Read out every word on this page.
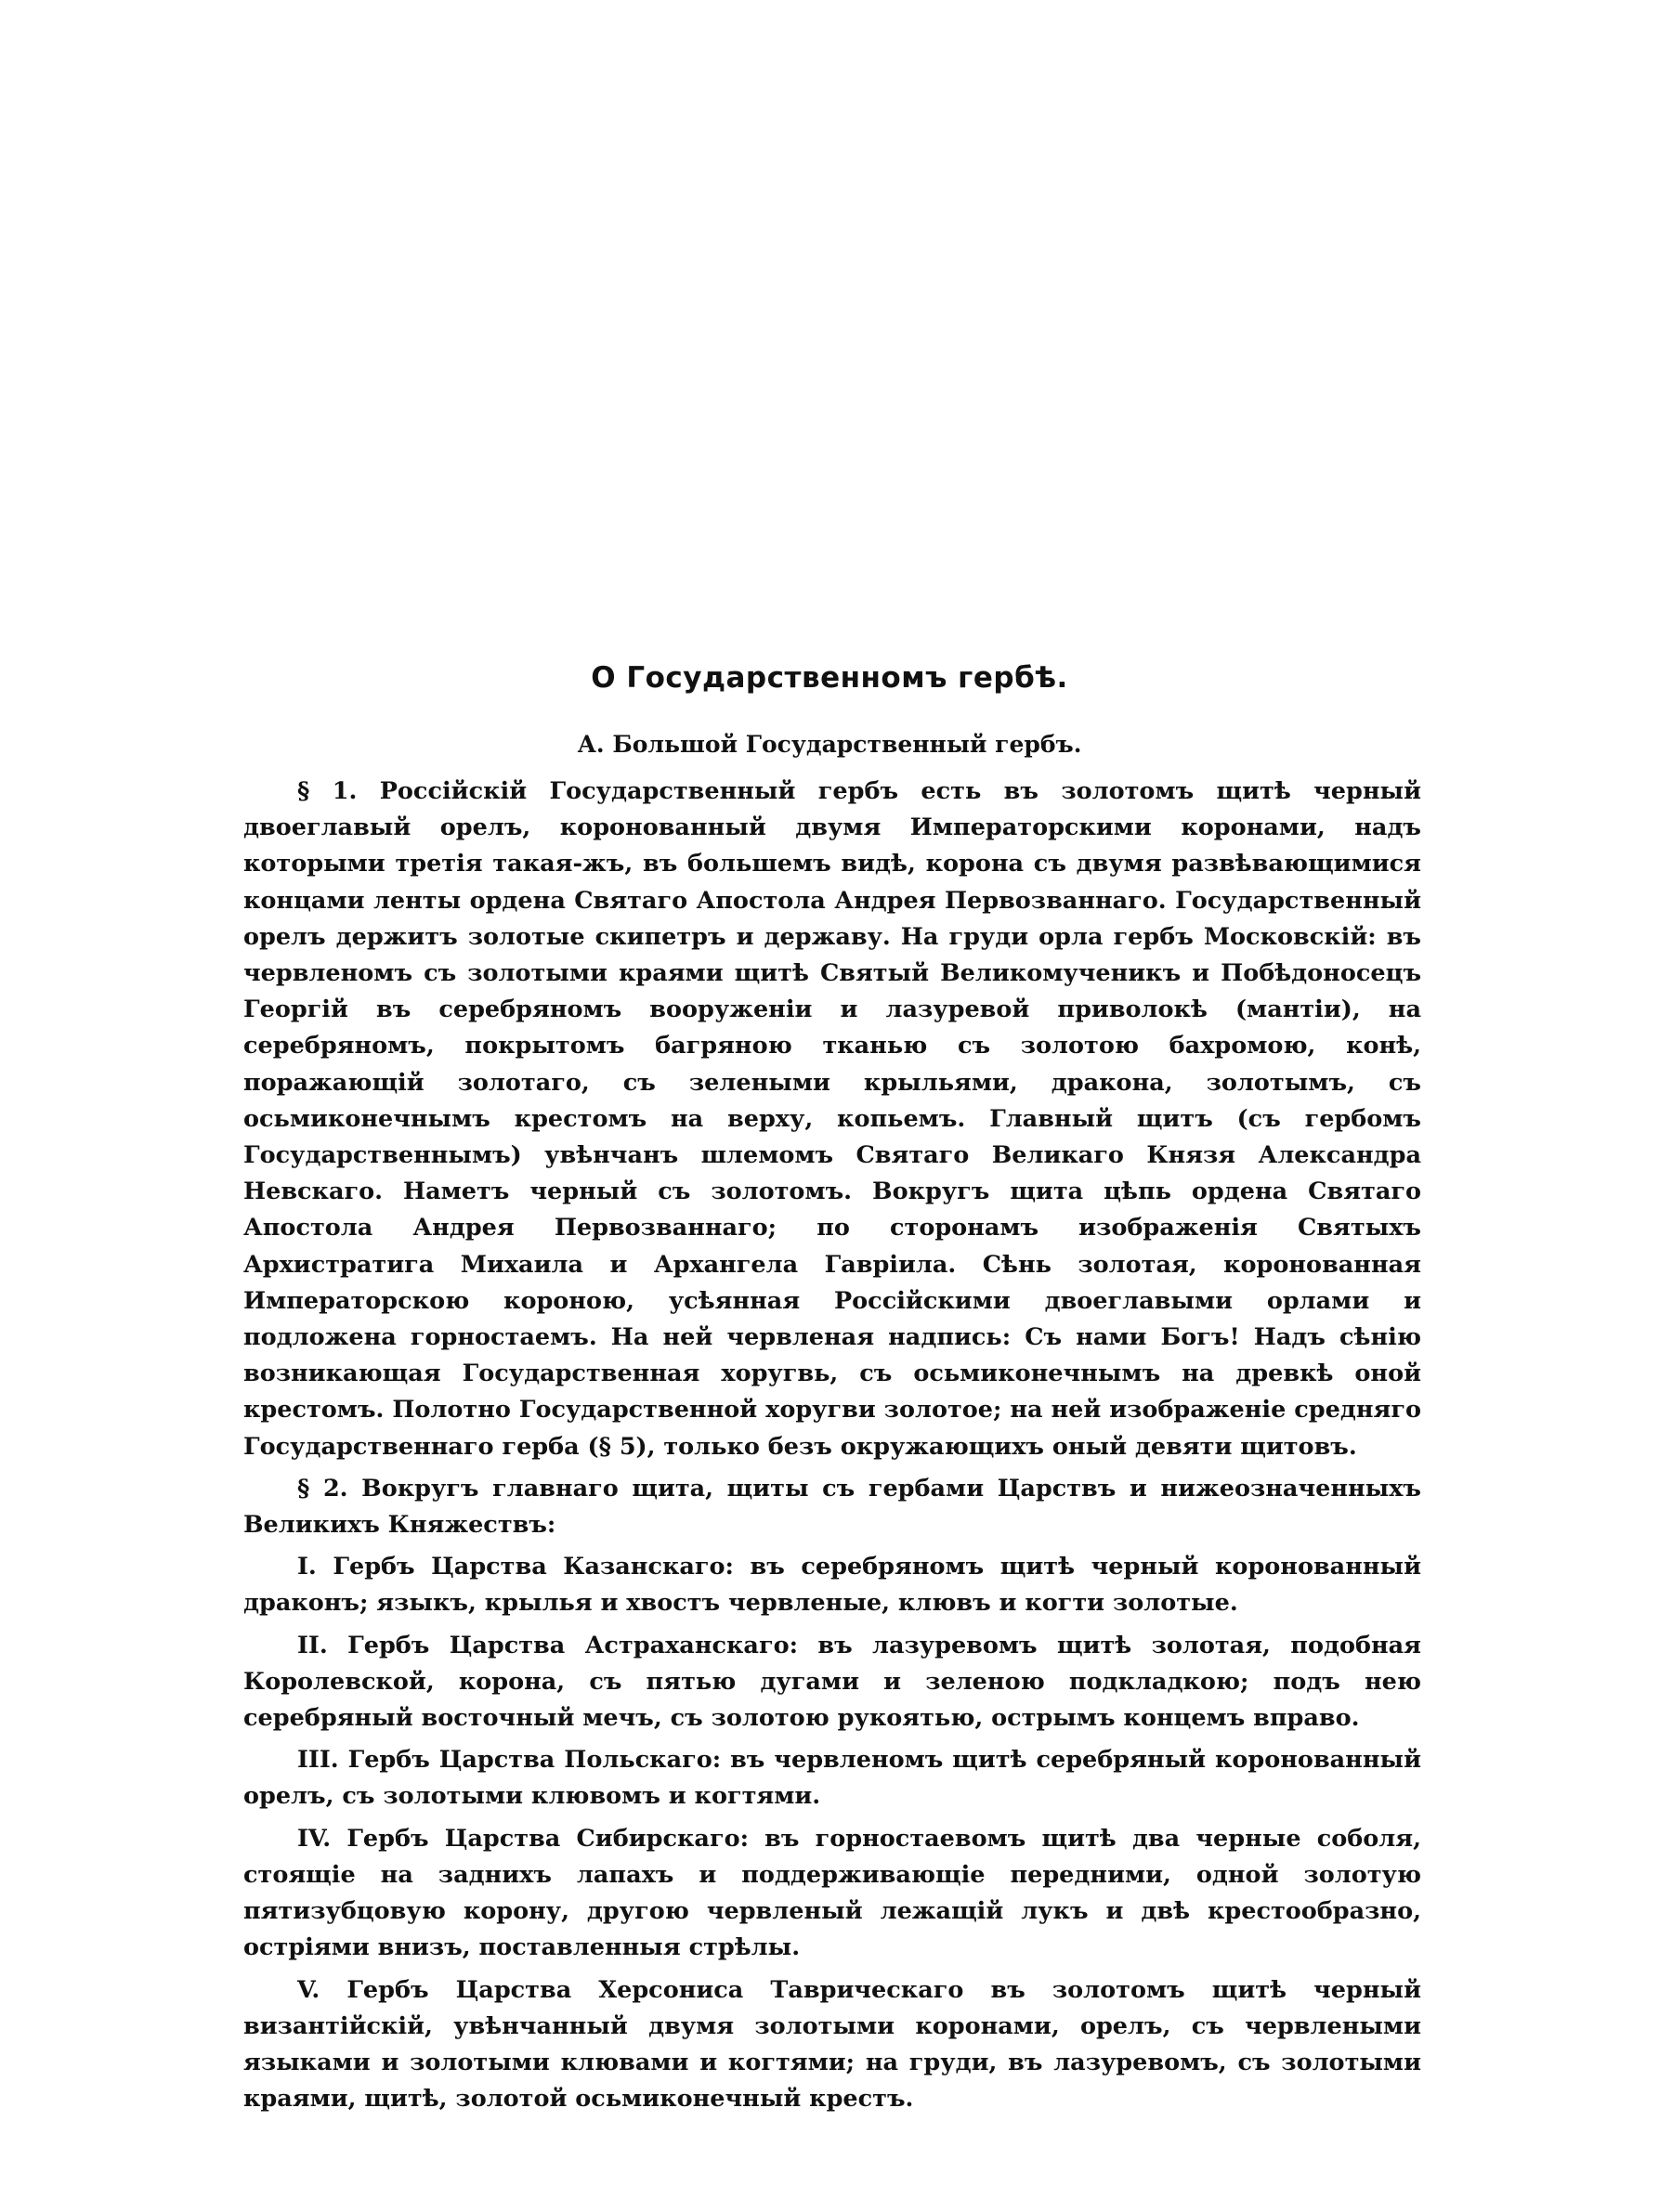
О Государственномъ гербѣ.
А. Большой Государственный гербъ.

§ 1. Россійскій Государственный гербъ есть въ золотомъ щитѣ черный двоеглавый орелъ, коронованный двумя Императорскими коронами, надъ которыми третія такая-жъ, въ большемъ видѣ, корона съ двумя развѣвающимися концами ленты ордена Святаго Апостола Андрея Первозваннаго. Государственный орелъ держитъ золотые скипетръ и державу. На груди орла гербъ Московскій: въ червленомъ съ золотыми краями щитѣ Святый Великомученикъ и Побѣдоносецъ Георгій въ серебряномъ вооруженіи и лазуревой приволокѣ (мантіи), на серебряномъ, покрытомъ багряною тканью съ золотою бахромою, конѣ, поражающій золотаго, съ зелеными крыльями, дракона, золотымъ, съ осьмиконечнымъ крестомъ на верху, копьемъ. Главный щитъ (съ гербомъ Государственнымъ) увѣнчанъ шлемомъ Святаго Великаго Князя Александра Невскаго. Наметъ черный съ золотомъ. Вокругъ щита цѣпь ордена Святаго Апостола Андрея Первозваннаго; по сторонамъ изображенія Святыхъ Архистратига Михаила и Архангела Гавріила. Сѣнь золотая, коронованная Императорскою короною, усѣянная Россійскими двоеглавыми орлами и подложена горностаемъ. На ней червленая надпись: Съ нами Богъ! Надъ сѣнію возникающая Государственная хоругвь, съ осьмиконечнымъ на древкѣ оной крестомъ. Полотно Государственной хоругви золотое; на ней изображеніе средняго Государственнаго герба (§ 5), только безъ окружающихъ оный девяти щитовъ.

§ 2. Вокругъ главнаго щита, щиты съ гербами Царствъ и нижеозначенныхъ Великихъ Княжествъ:

I. Гербъ Царства Казанскаго: въ серебряномъ щитѣ черный коронованный драконъ; языкъ, крылья и хвостъ червленые, клювъ и когти золотые.

II. Гербъ Царства Астраханскаго: въ лазуревомъ щитѣ золотая, подобная Королевской, корона, съ пятью дугами и зеленою подкладкою; подъ нею серебряный восточный мечъ, съ золотою рукоятью, острымъ концемъ вправо.

III. Гербъ Царства Польскаго: въ червленомъ щитѣ серебряный коронованный орелъ, съ золотыми клювомъ и когтями.

IV. Гербъ Царства Сибирскаго: въ горностаевомъ щитѣ два черные соболя, стоящіе на заднихъ лапахъ и поддерживающіе передними, одной золотую пятизубцовую корону, другою червленый лежащій лукъ и двѣ крестообразно, остріями внизъ, поставленныя стрѣлы.

V. Гербъ Царства Херсониса Таврическаго въ золотомъ щитѣ черный византійскій, увѣнчанный двумя золотыми коронами, орелъ, съ червлеными языками и золотыми клювами и когтями; на груди, въ лазуревомъ, съ золотыми краями, щитѣ, золотой осьмиконечный крестъ.
